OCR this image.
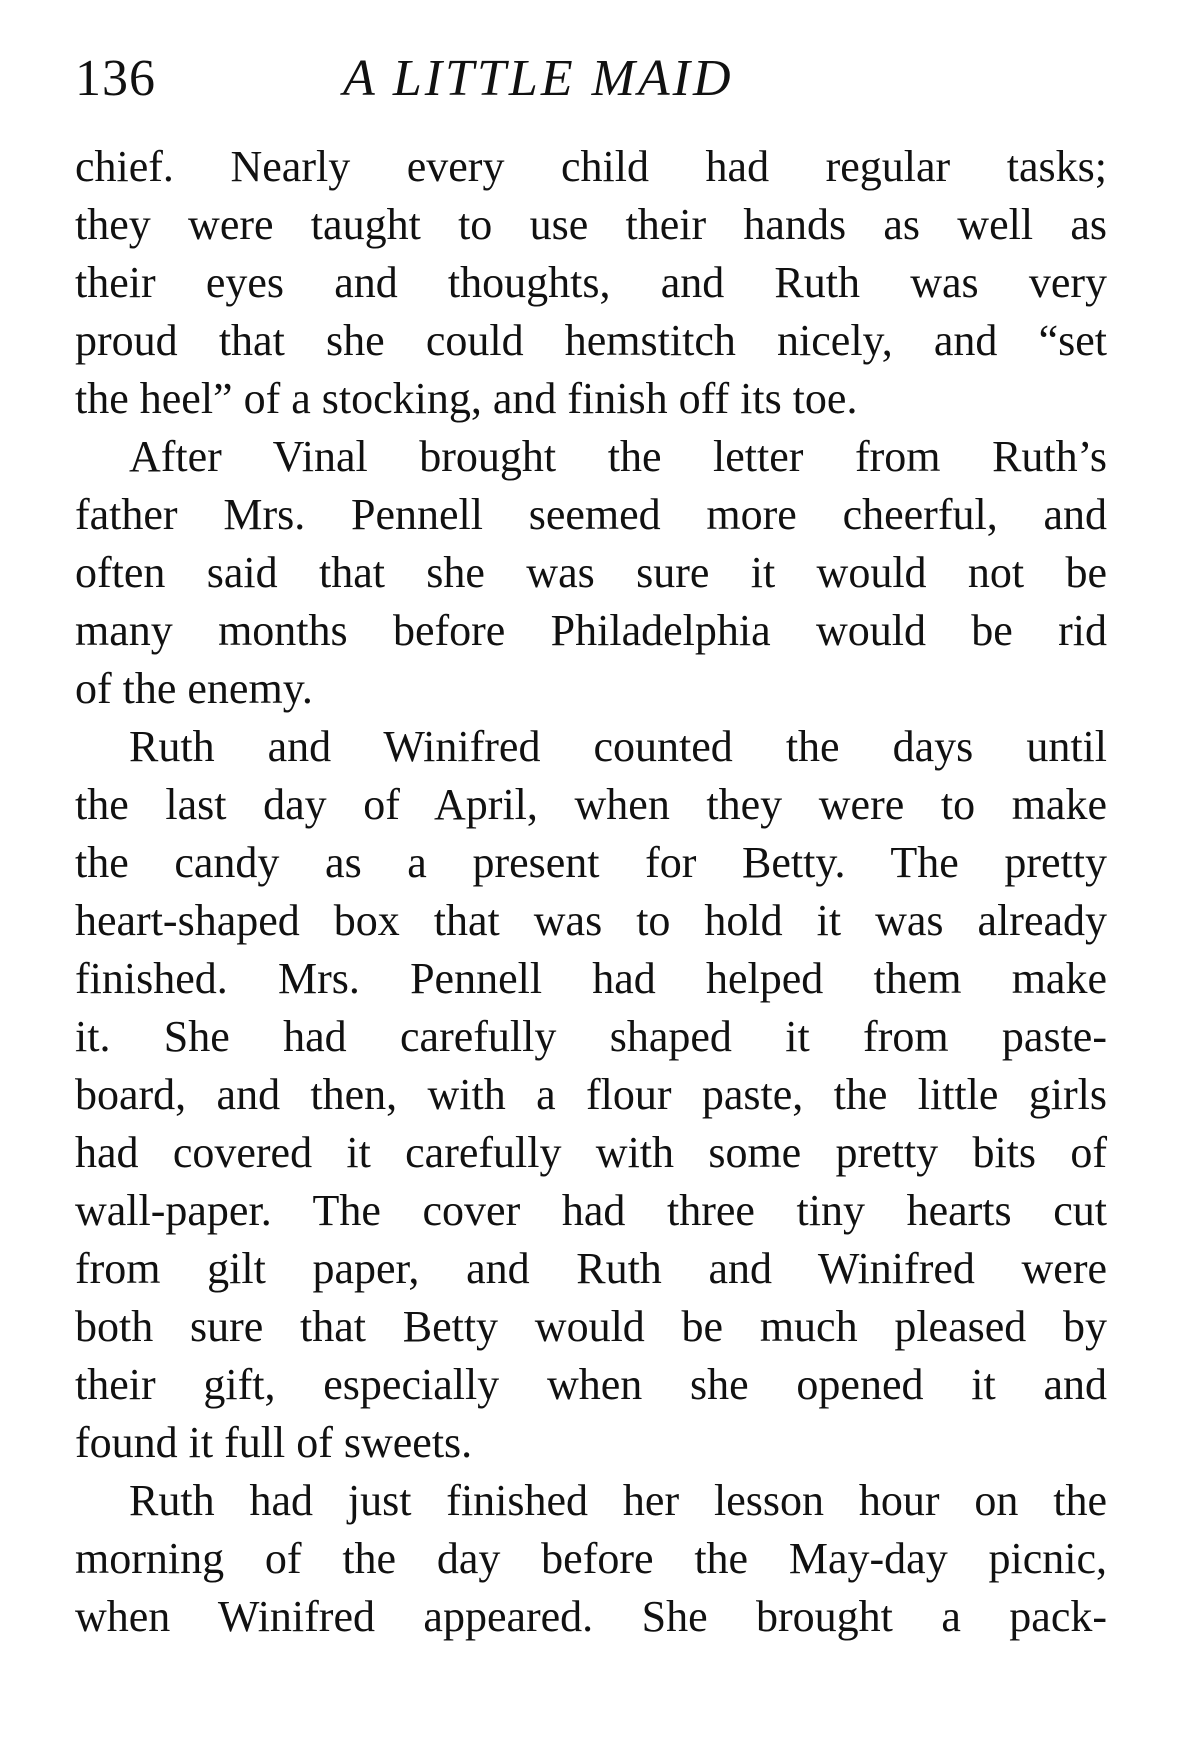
136	A LITTLE MAID
chief. Nearly every child had regular tasks;
they were taught to use their hands as well as
their eyes and thoughts, and Ruth was very
proud that she could hemstitch nicely, and “set
the heel” of a stocking, and finish off its toe.
After Vinal brought the letter from Ruth’s
father Mrs. Pennell seemed more cheerful, and
often said that she was sure it would not be
many months before Philadelphia would be rid
of the enemy.
Ruth and Winifred counted the days until
the last day of April, when they were to make
the candy as a present for Betty. The pretty
heart-shaped box that was to hold it was already
finished. Mrs. Pennell had helped them make
it. She had carefully shaped it from paste-
board, and then, with a flour paste, the little girls
had covered it carefully with some pretty bits of
wall-paper. The cover had three tiny hearts cut
from gilt paper, and Ruth and Winifred were
both sure that Betty would be much pleased by
their gift, especially when she opened it and
found it full of sweets.
Ruth had just finished her lesson hour on the
morning of the day before the May-day picnic,
when Winifred appeared. She brought a pack-
